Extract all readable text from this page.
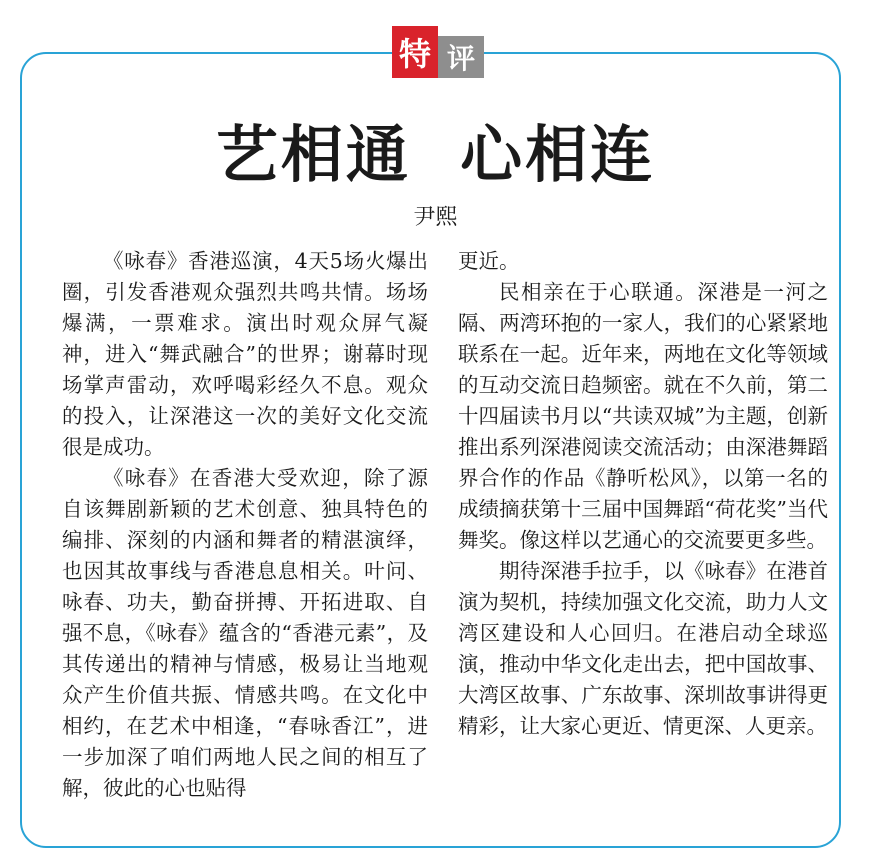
特 评
艺相通  心相连

尹熙

《咏春》香港巡演，4天5场火爆出圈，引发香港观众强烈共鸣共情。场场爆满，一票难求。演出时观众屏气凝神，进入“舞武融合”的世界；谢幕时现场掌声雷动，欢呼喝彩经久不息。观众的投入，让深港这一次的美好文化交流很是成功。

《咏春》在香港大受欢迎，除了源自该舞剧新颖的艺术创意、独具特色的编排、深刻的内涵和舞者的精湛演绎，也因其故事线与香港息息相关。叶问、咏春、功夫，勤奋拼搏、开拓进取、自强不息，《咏春》蕴含的“香港元素”，及其传递出的精神与情感，极易让当地观众产生价值共振、情感共鸣。在文化中相约，在艺术中相逢，“春咏香江”，进一步加深了咱们两地人民之间的相互了解，彼此的心也贴得

更近。

民相亲在于心联通。深港是一河之隔、两湾环抱的一家人，我们的心紧紧地联系在一起。近年来，两地在文化等领域的互动交流日趋频密。就在不久前，第二十四届读书月以“共读双城”为主题，创新推出系列深港阅读交流活动；由深港舞蹈界合作的作品《静听松风》，以第一名的成绩摘获第十三届中国舞蹈“荷花奖”当代舞奖。像这样以艺通心的交流要更多些。

期待深港手拉手，以《咏春》在港首演为契机，持续加强文化交流，助力人文湾区建设和人心回归。在港启动全球巡演，推动中华文化走出去，把中国故事、大湾区故事、广东故事、深圳故事讲得更精彩，让大家心更近、情更深、人更亲。
